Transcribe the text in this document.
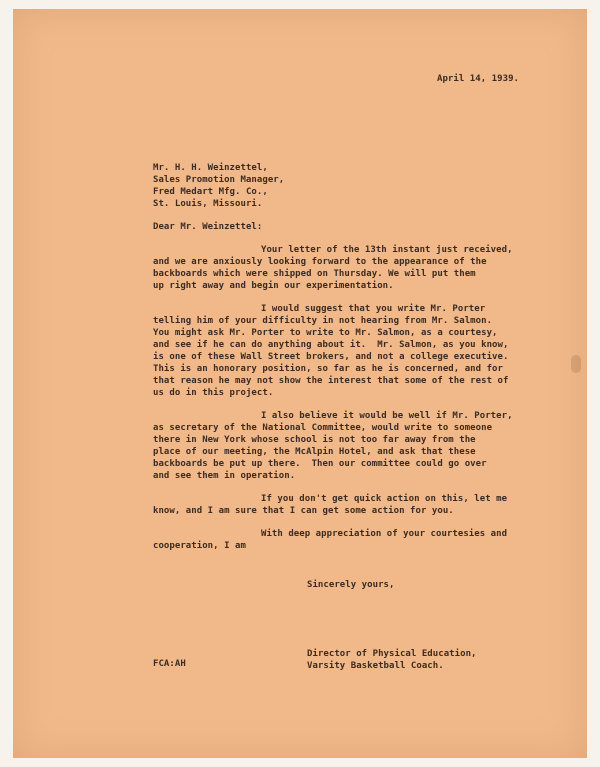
April 14, 1939.

Mr. H. H. Weinzettel,

Sales Promotion Manager,

Fred Medart Mfg. Co.,

St. Louis, Missouri.

Dear Mr. Weinzettel:

Your letter of the 13th instant just received,

and we are anxiously looking forward to the appearance of the

backboards which were shipped on Thursday. We will put them

up right away and begin our experimentation.

I would suggest that you write Mr. Porter

telling him of your difficulty in not hearing from Mr. Salmon.

You might ask Mr. Porter to write to Mr. Salmon, as a courtesy,

and see if he can do anything about it.  Mr. Salmon, as you know,

is one of these Wall Street brokers, and not a college executive.

This is an honorary position, so far as he is concerned, and for

that reason he may not show the interest that some of the rest of

us do in this project.

I also believe it would be well if Mr. Porter,

as secretary of the National Committee, would write to someone

there in New York whose school is not too far away from the

place of our meeting, the McAlpin Hotel, and ask that these

backboards be put up there.  Then our committee could go over

and see them in operation.

If you don't get quick action on this, let me

know, and I am sure that I can get some action for you.

With deep appreciation of your courtesies and

cooperation, I am

Sincerely yours,

Director of Physical Education,

Varsity Basketball Coach.

FCA:AH
